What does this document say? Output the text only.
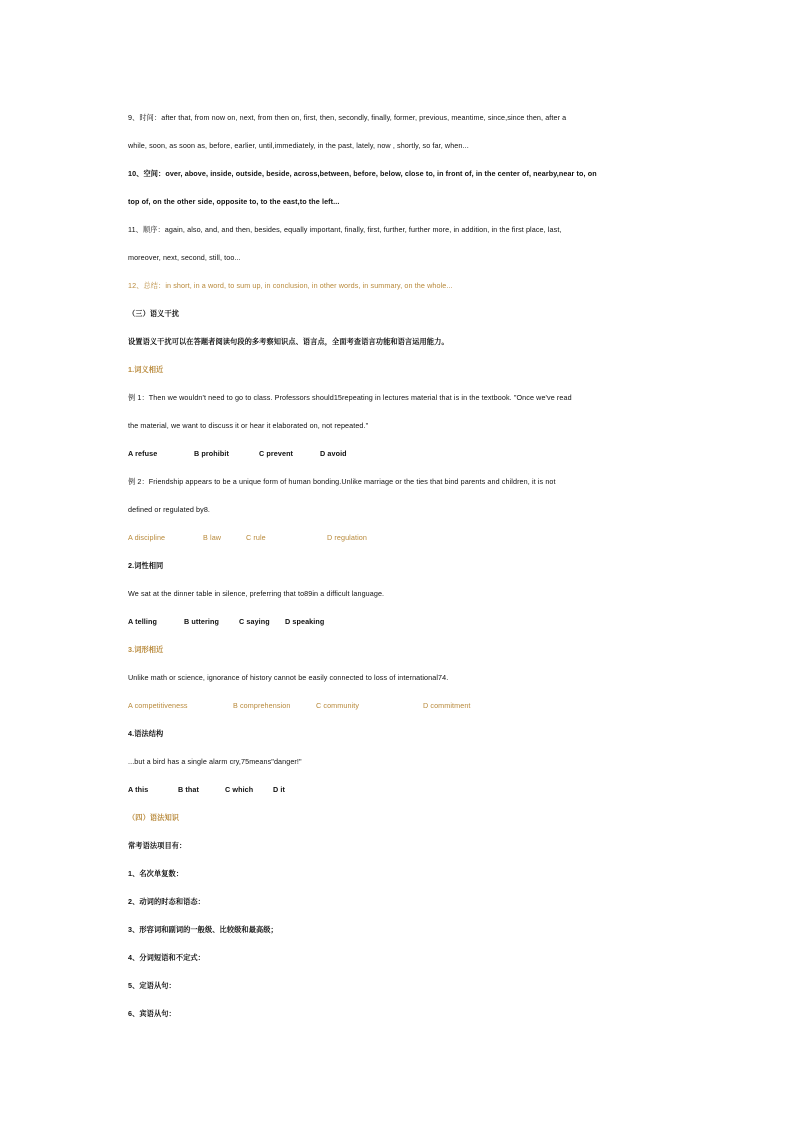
9、时间：after that, from now on, next, from then on, first, then, secondly, finally, former, previous, meantime, since,since then, after a
while, soon, as soon as, before, earlier, until,immediately, in the past, lately, now , shortly, so far, when...
10、空间：over, above, inside, outside, beside, across,between, before, below, close to, in front of, in the center of, nearby,near to, on
top of, on the other side, opposite to, to the east,to the left...
11、顺序：again, also, and, and then, besides, equally important, finally, first, further, further more, in addition, in the first place, last,
moreover, next, second, still, too...
12、总结：in short, in a word, to sum up, in conclusion, in other words, in summary, on the whole...
（三）语义干扰
设置语义干扰可以在答题者阅读句段的多考察知识点、语言点，全面考查语言功能和语言运用能力。
1.词义相近
例 1：Then we wouldn't need to go to class. Professors should15repeating in lectures material that is in the textbook. "Once we've read
the material, we want to discuss it or hear it elaborated on, not repeated."
A refuse	B prohibit	C prevent	D avoid
例 2：Friendship appears to be a unique form of human bonding.Unlike marriage or the ties that bind parents and children, it is not
defined or regulated by8.
A discipline	B law	C rule	D regulation
2.词性相同
We sat at the dinner table in silence, preferring that to89in a difficult language.
A telling	B uttering	C saying D speaking
3.词形相近
Unlike math or science, ignorance of history cannot be easily connected to loss of international74.
A competitiveness	B comprehension	C community	D commitment
4.语法结构
...but a bird has a single alarm cry,75means"danger!"
A this	B that	C which	D it
（四）语法知识
常考语法项目有：
1、名次单复数：
2、动词的时态和语态：
3、形容词和副词的一般级、比较级和最高级；
4、分词短语和不定式：
5、定语从句：
6、宾语从句：
